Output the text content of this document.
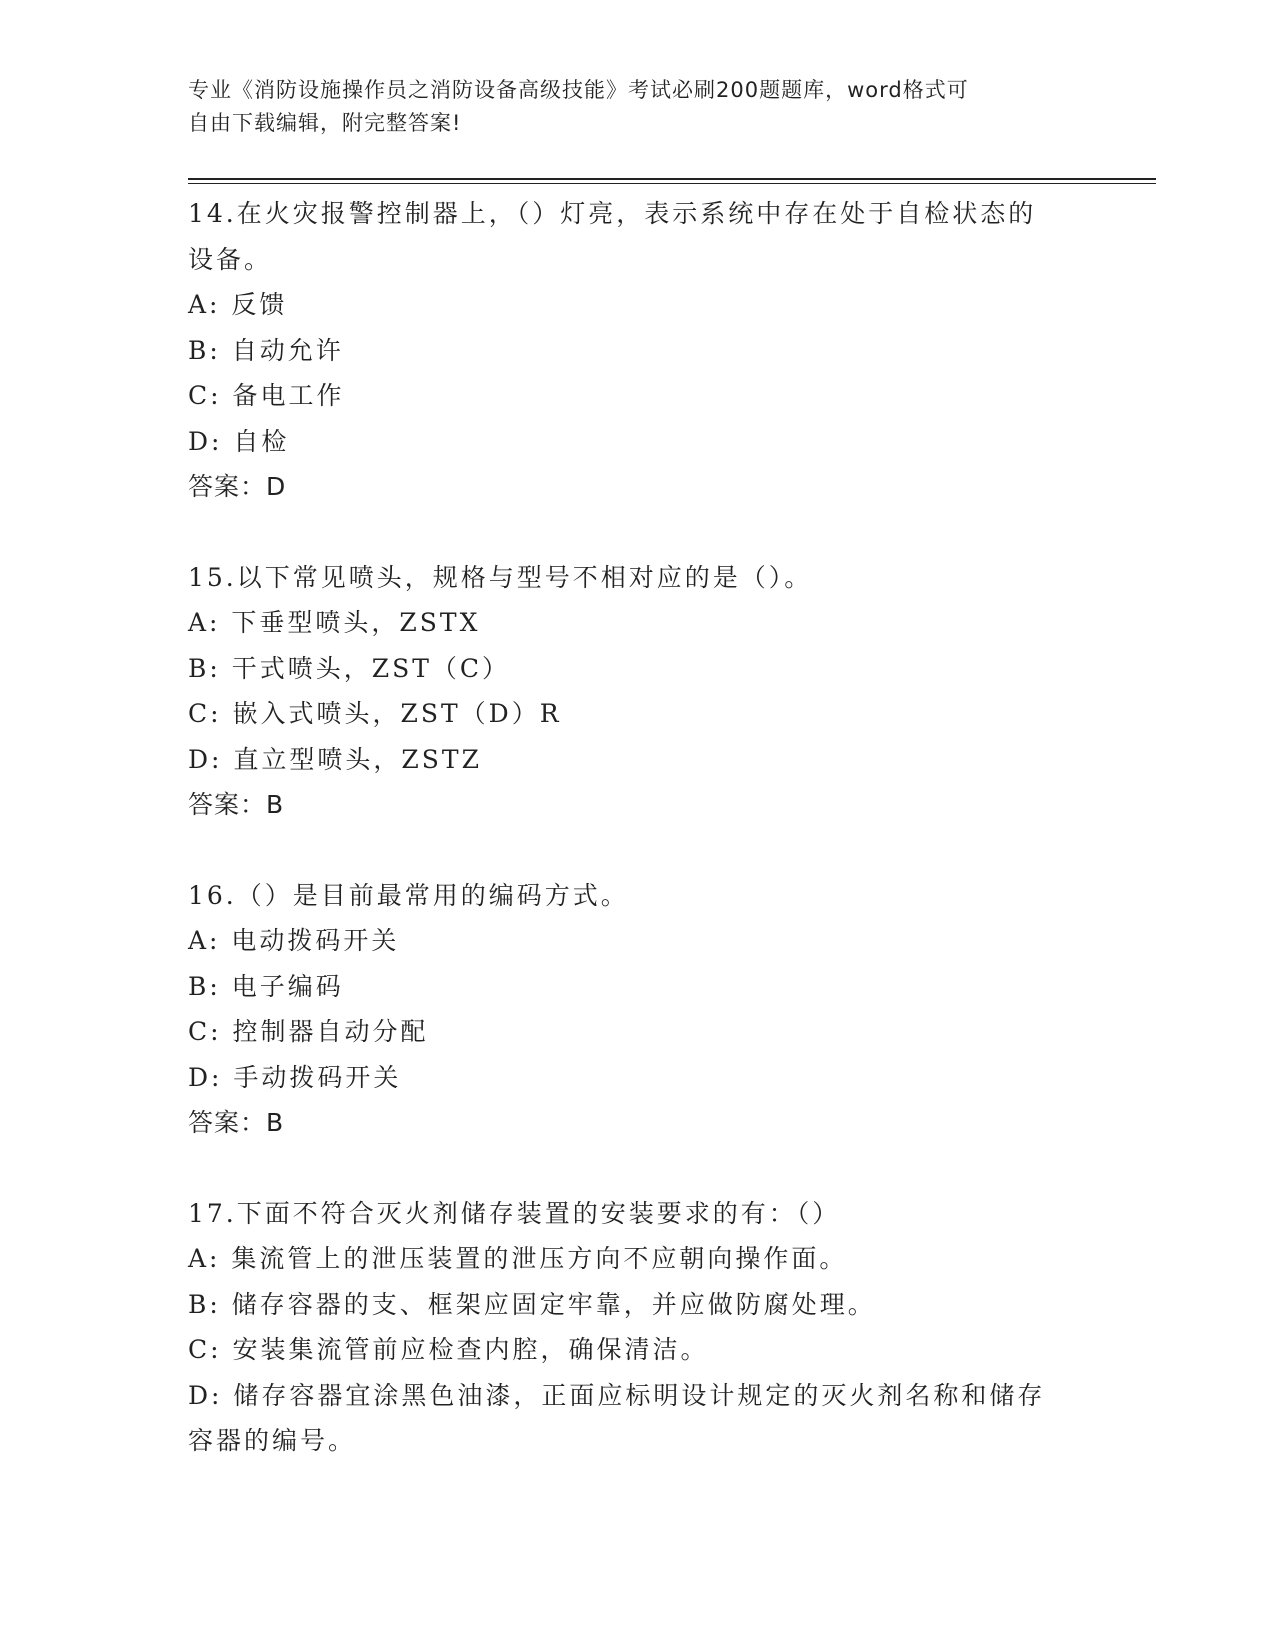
专业《消防设施操作员之消防设备高级技能》考试必刷200题题库，word格式可
自由下载编辑，附完整答案!
14.在火灾报警控制器上，（）灯亮，表示系统中存在处于自检状态的
设备。
A: 反馈
B: 自动允许
C: 备电工作
D: 自检
答案：D
15.以下常见喷头，规格与型号不相对应的是（）。
A: 下垂型喷头，ZSTX
B: 干式喷头，ZST（C）
C: 嵌入式喷头，ZST（D）R
D: 直立型喷头，ZSTZ
答案：B
16.（）是目前最常用的编码方式。
A: 电动拨码开关
B: 电子编码
C: 控制器自动分配
D: 手动拨码开关
答案：B
17.下面不符合灭火剂储存装置的安装要求的有：（）
A: 集流管上的泄压装置的泄压方向不应朝向操作面。
B: 储存容器的支、框架应固定牢靠，并应做防腐处理。
C: 安装集流管前应检查内腔，确保清洁。
D: 储存容器宜涂黑色油漆，正面应标明设计规定的灭火剂名称和储存
容器的编号。
